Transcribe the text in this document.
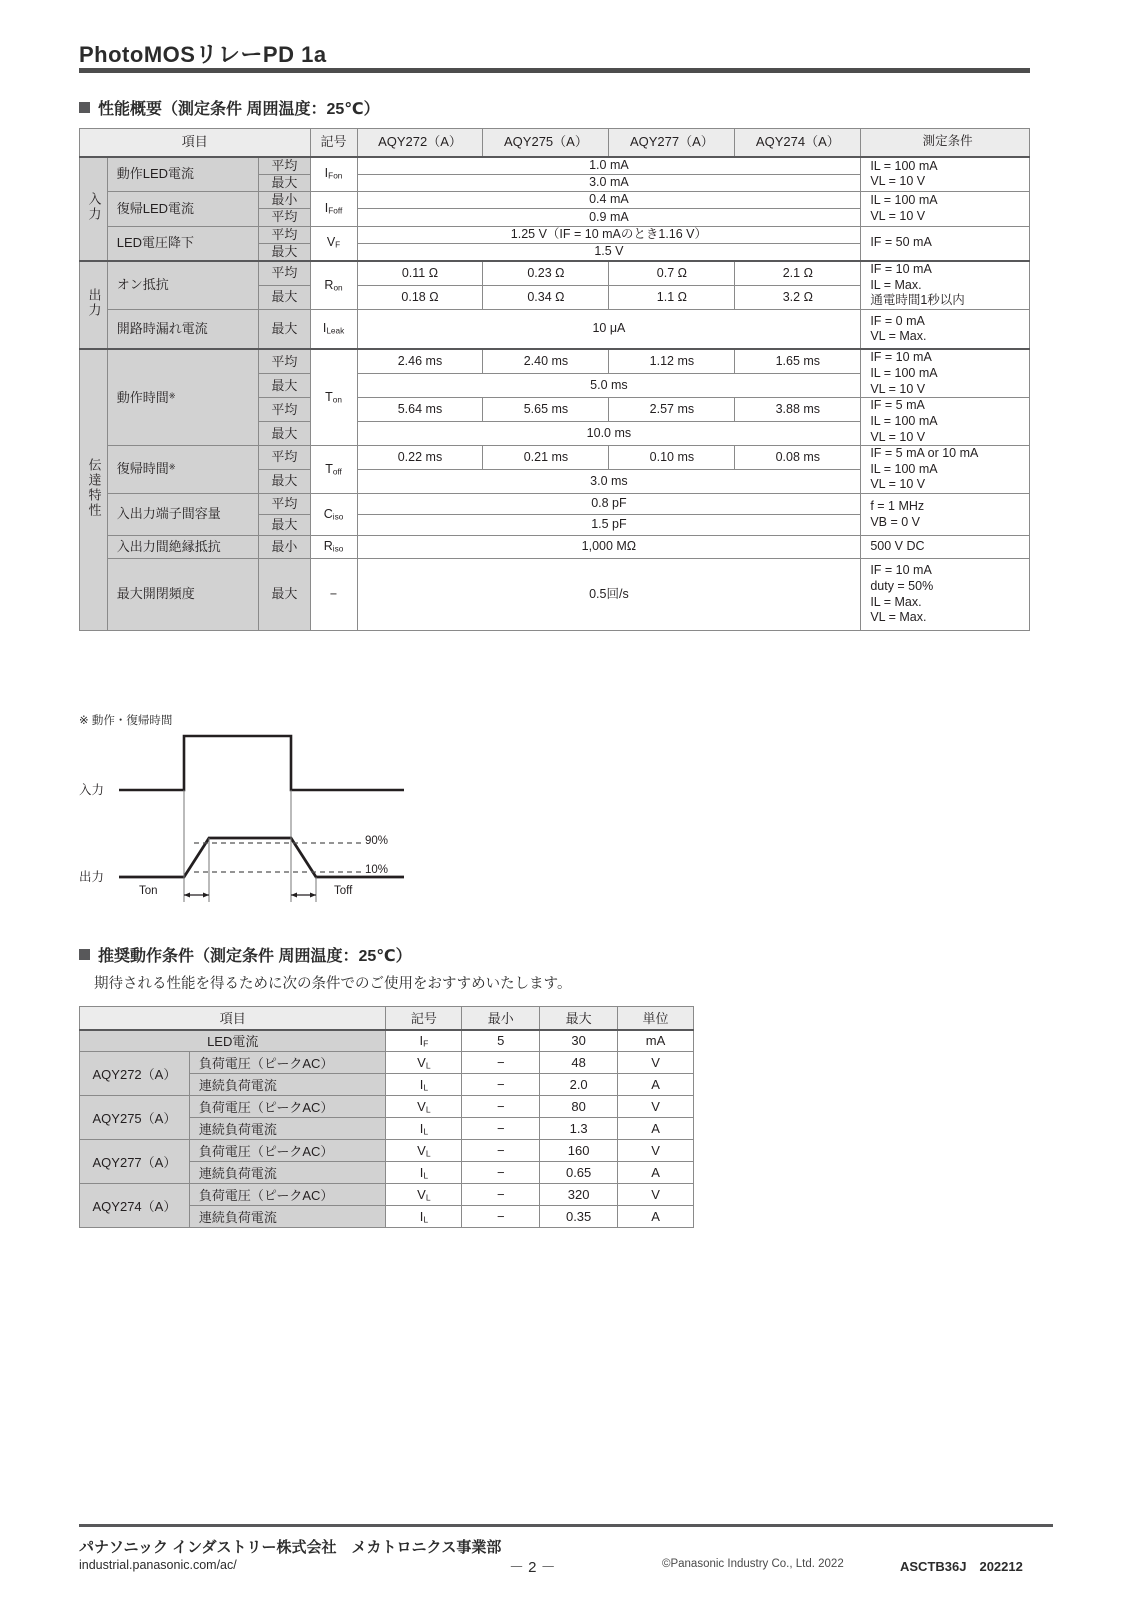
PhotoMOSリレーPD 1a
性能概要（測定条件 周囲温度：25℃）
項目			記号	AQY272（A）	AQY275（A）	AQY277（A）	AQY274（A）	測定条件
入力	動作LED電流	平均	$I_{Fon}$	1.0 mA				IL = 100 mA
VL = 10 V
		最大		3.0 mA				
	復帰LED電流	最小	$I_{Foff}$	0.4 mA				IL = 100 mA
VL = 10 V
		平均		0.9 mA				
	LED電圧降下	平均	$V_F$	1.25 V（IF = 10 mAのとき1.16 V）				IF = 50 mA
		最大		1.5 V				
出力	オン抵抗	平均	$R_{on}$	0.11 Ω	0.23 Ω	0.7 Ω	2.1 Ω	IF = 10 mA
IL = Max.
通電時間1秒以内
		最大		0.18 Ω	0.34 Ω	1.1 Ω	3.2 Ω	
	開路時漏れ電流	最大	$I_{Leak}$	10 μA				IF = 0 mA
VL = Max.
伝達特性	動作時間※	平均	$T_{on}$	2.46 ms	2.40 ms	1.12 ms	1.65 ms	IF = 10 mA
IL = 100 mA
VL = 10 V
		最大		5.0 ms				
		平均		5.64 ms	5.65 ms	2.57 ms	3.88 ms	IF = 5 mA
IL = 100 mA
VL = 10 V
		最大		10.0 ms				
	復帰時間※	平均	$T_{off}$	0.22 ms	0.21 ms	0.10 ms	0.08 ms	IF = 5 mA or 10 mA
IL = 100 mA
VL = 10 V
		最大		3.0 ms				
	入出力端子間容量	平均	$C_{iso}$	0.8 pF				f = 1 MHz
VB = 0 V
		最大		1.5 pF				
	入出力間絶縁抵抗	最小	$R_{iso}$	1,000 MΩ				500 V DC
	最大開閉頻度	最大	−	0.5回/s				IF = 10 mA
duty = 50%
IL = Max.
VL = Max.
※ 動作・復帰時間
入力
出力
90%
10%
Ton	Toff
推奨動作条件（測定条件 周囲温度：25℃）
期待される性能を得るために次の条件でのご使用をおすすめいたします。
項目		記号	最小	最大	単位
LED電流		$I_F$	5	30	mA
AQY272（A）	負荷電圧（ピークAC）	$V_L$	−	48	V
	連続負荷電流	$I_L$	−	2.0	A
AQY275（A）	負荷電圧（ピークAC）	$V_L$	−	80	V
	連続負荷電流	$I_L$	−	1.3	A
AQY277（A）	負荷電圧（ピークAC）	$V_L$	−	160	V
	連続負荷電流	$I_L$	−	0.65	A
AQY274（A）	負荷電圧（ピークAC）	$V_L$	−	320	V
	連続負荷電流	$I_L$	−	0.35	A
パナソニック インダストリー株式会社　メカトロニクス事業部
industrial.panasonic.com/ac/	－ 2 －	©Panasonic Industry Co., Ltd. 2022	ASCTB36J　202212
